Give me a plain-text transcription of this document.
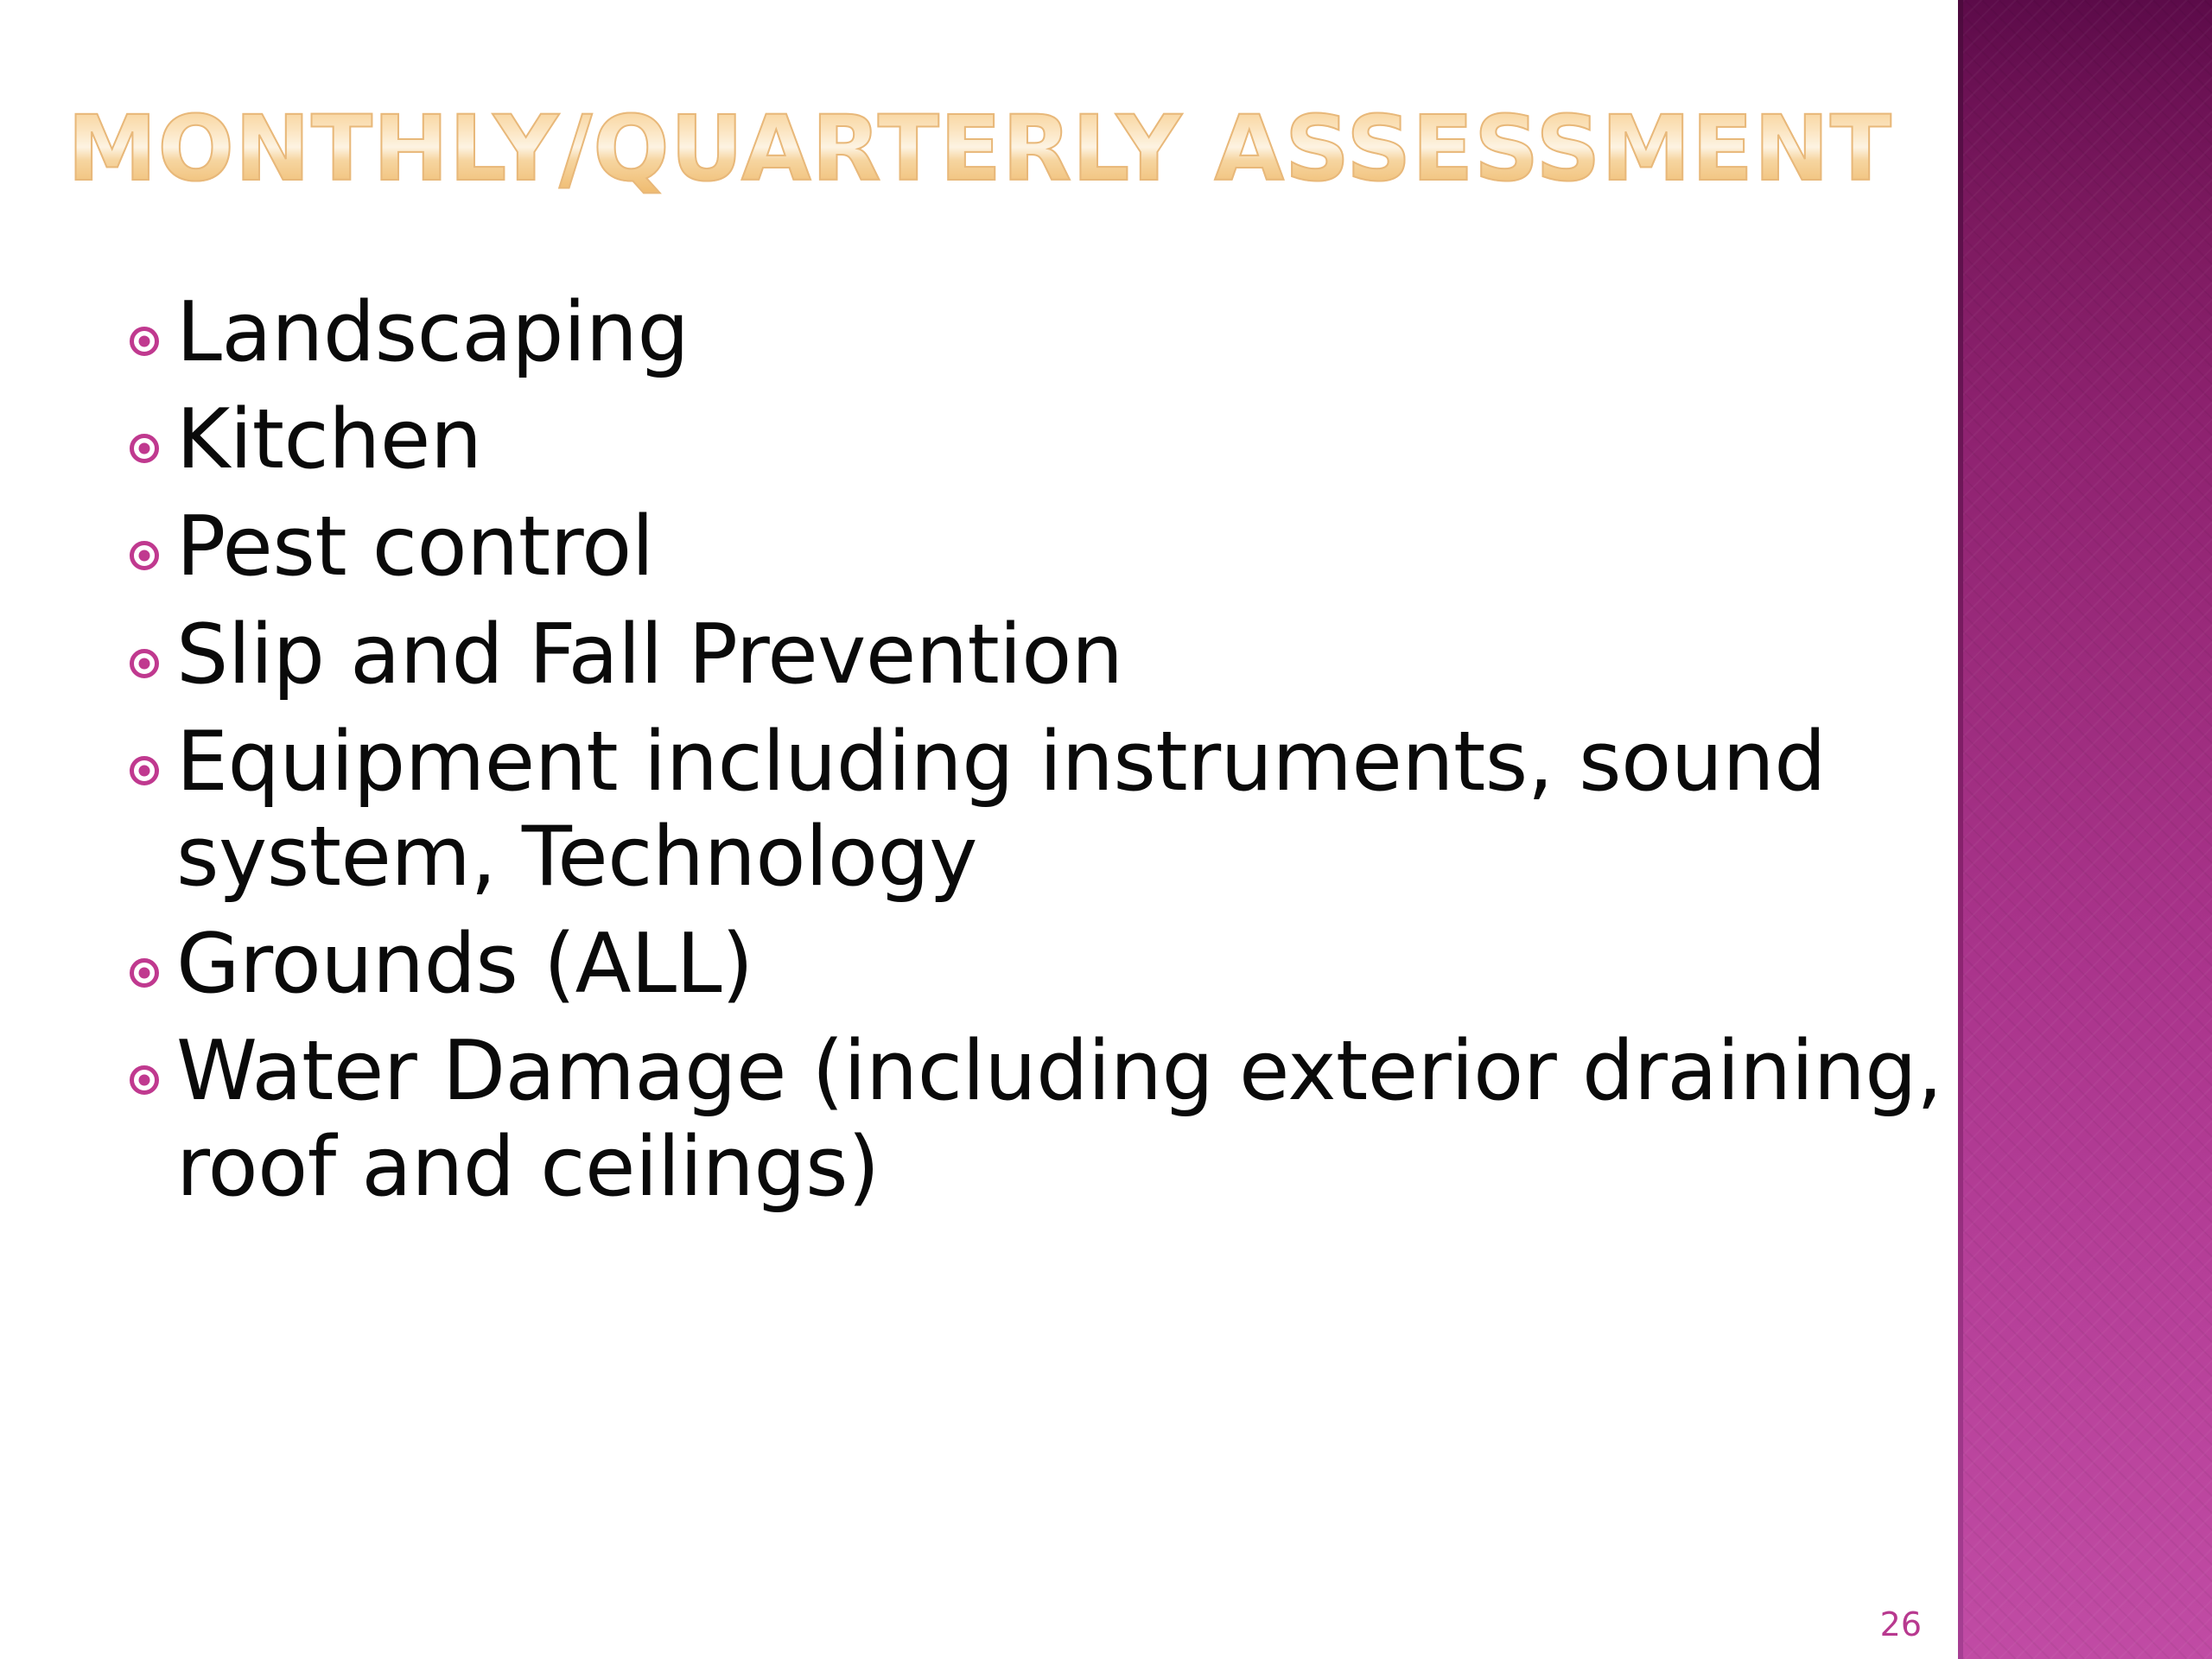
MONTHLY/QUARTERLY ASSESSMENT
Landscaping
Kitchen
Pest control
Slip and Fall Prevention
Equipment including instruments, sound system, Technology
Grounds (ALL)
Water Damage (including exterior draining, roof and ceilings)
26
